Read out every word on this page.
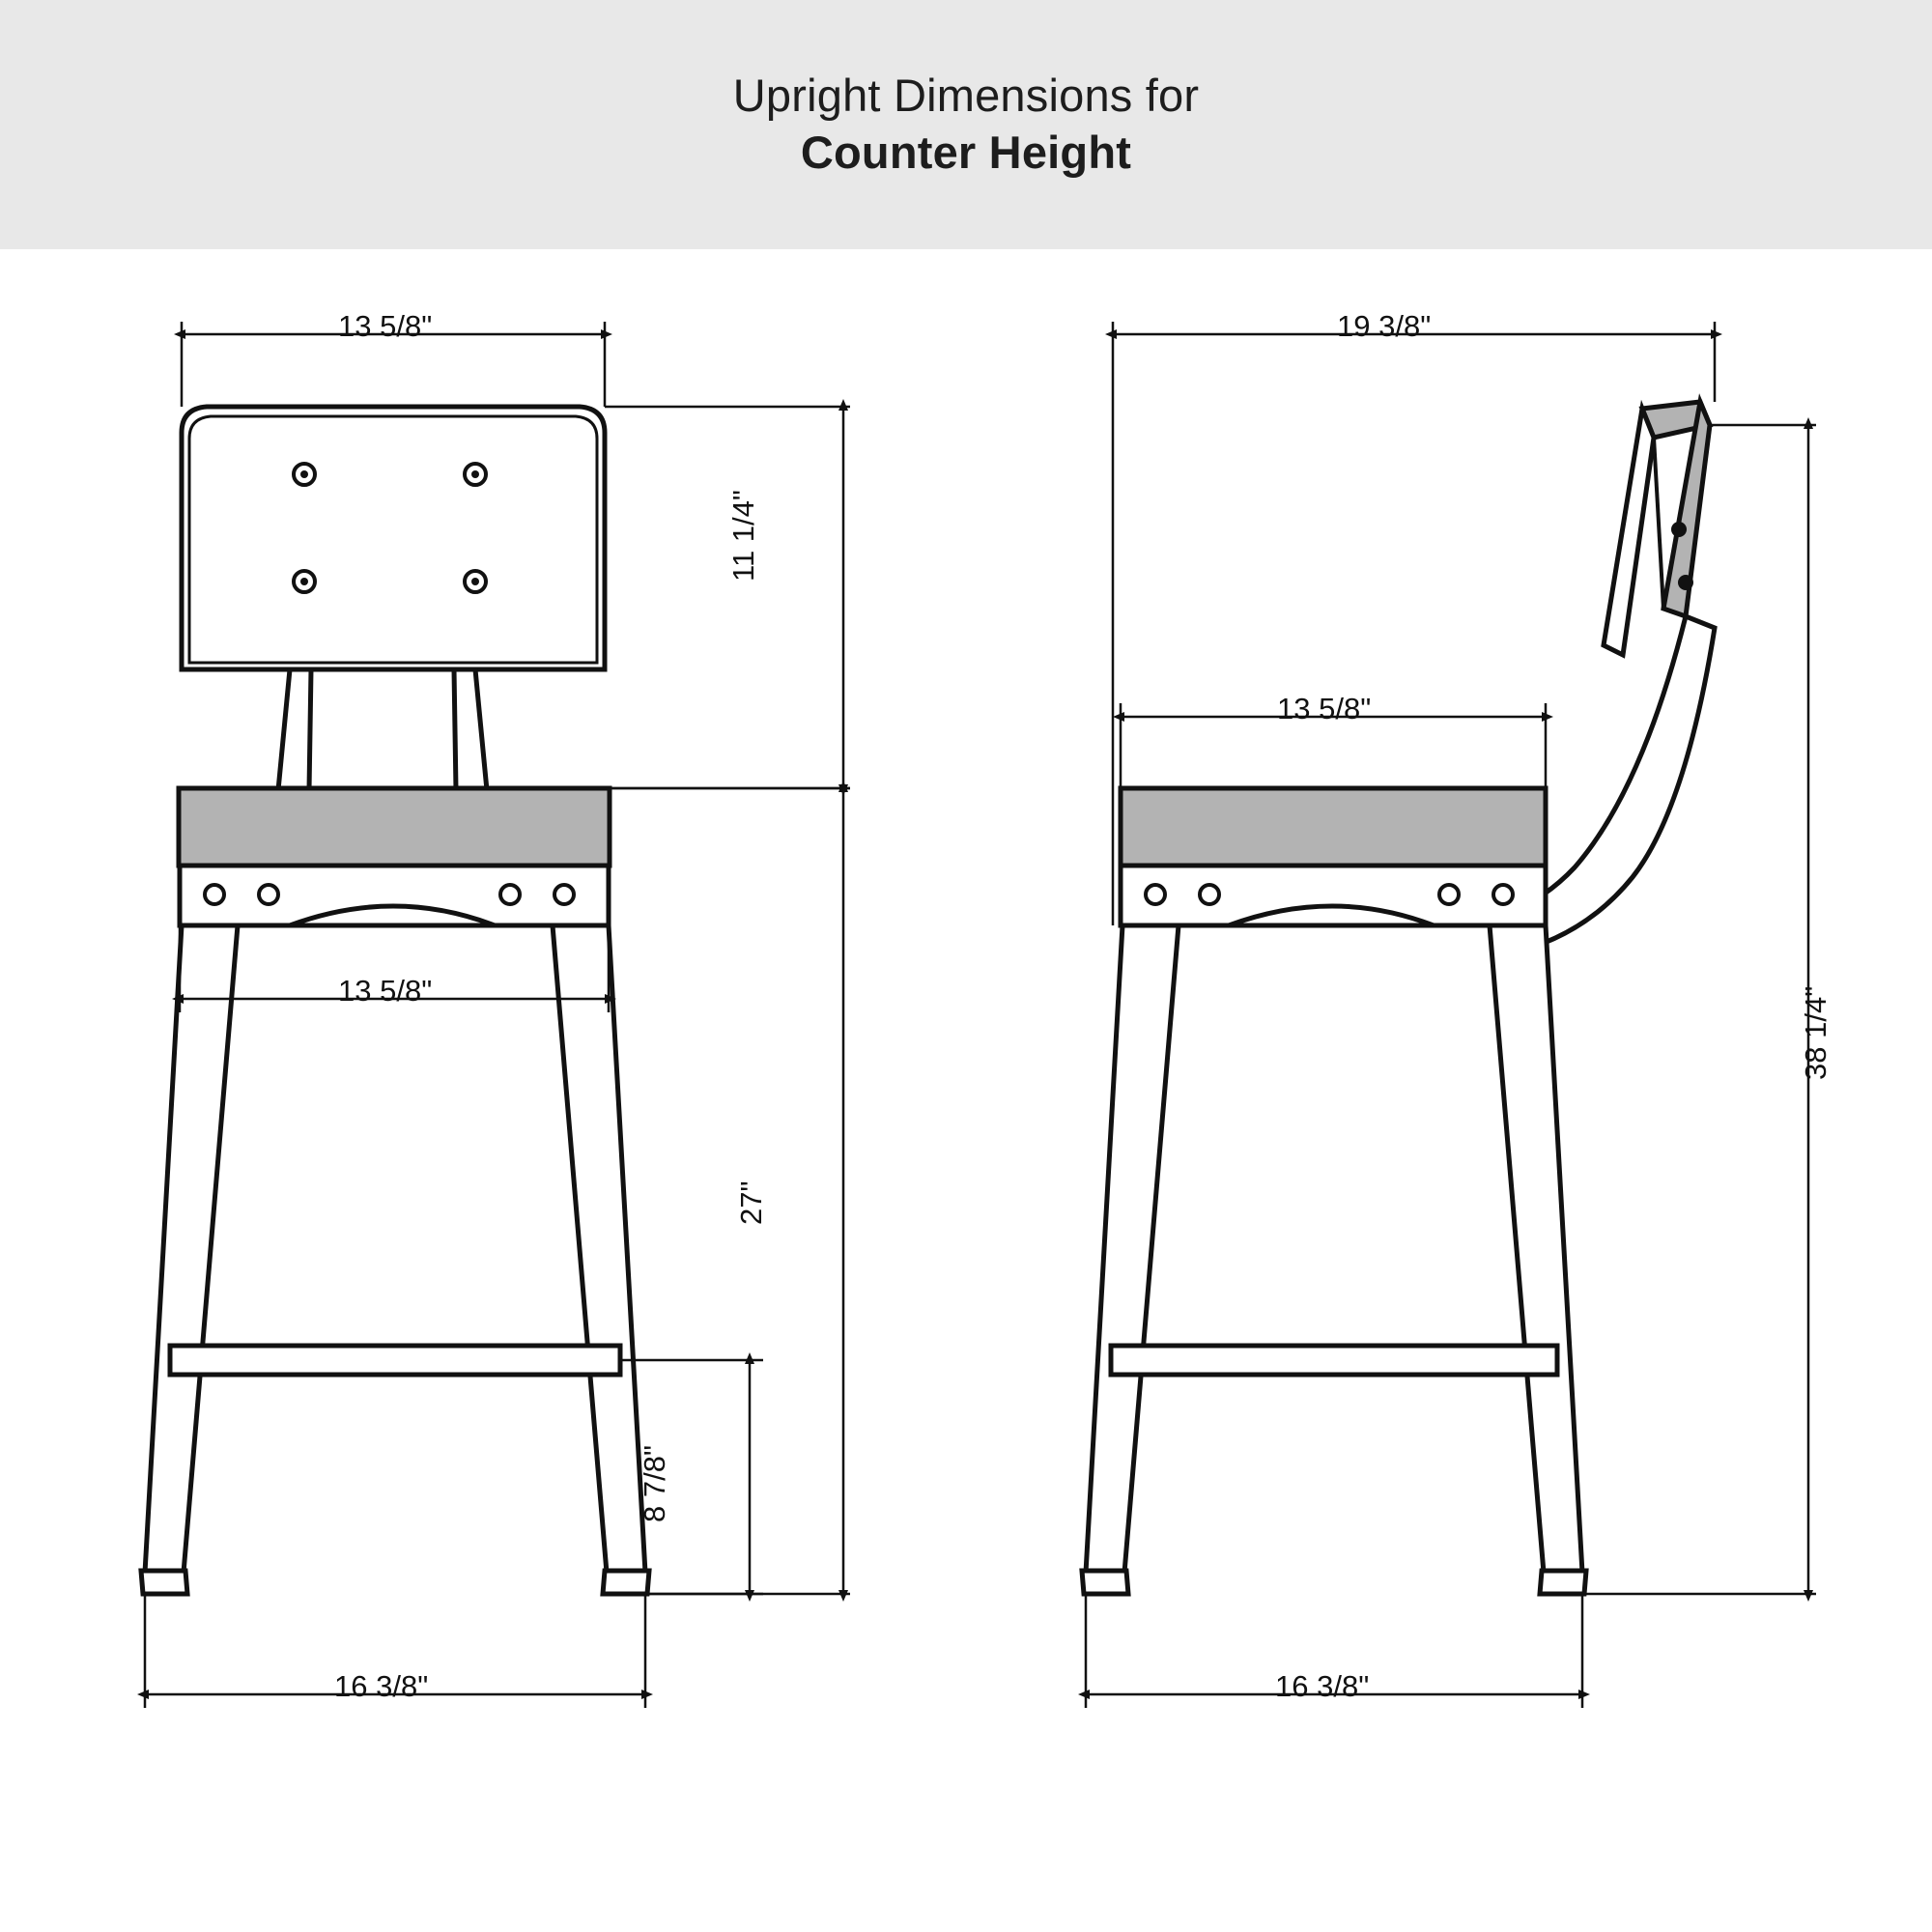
Upright Dimensions for
Counter Height
13 5/8"
13 5/8"
11 1/4"
27"
8 7/8"
16 3/8"
19 3/8"
13 5/8"
38 1/4"
16 3/8"
